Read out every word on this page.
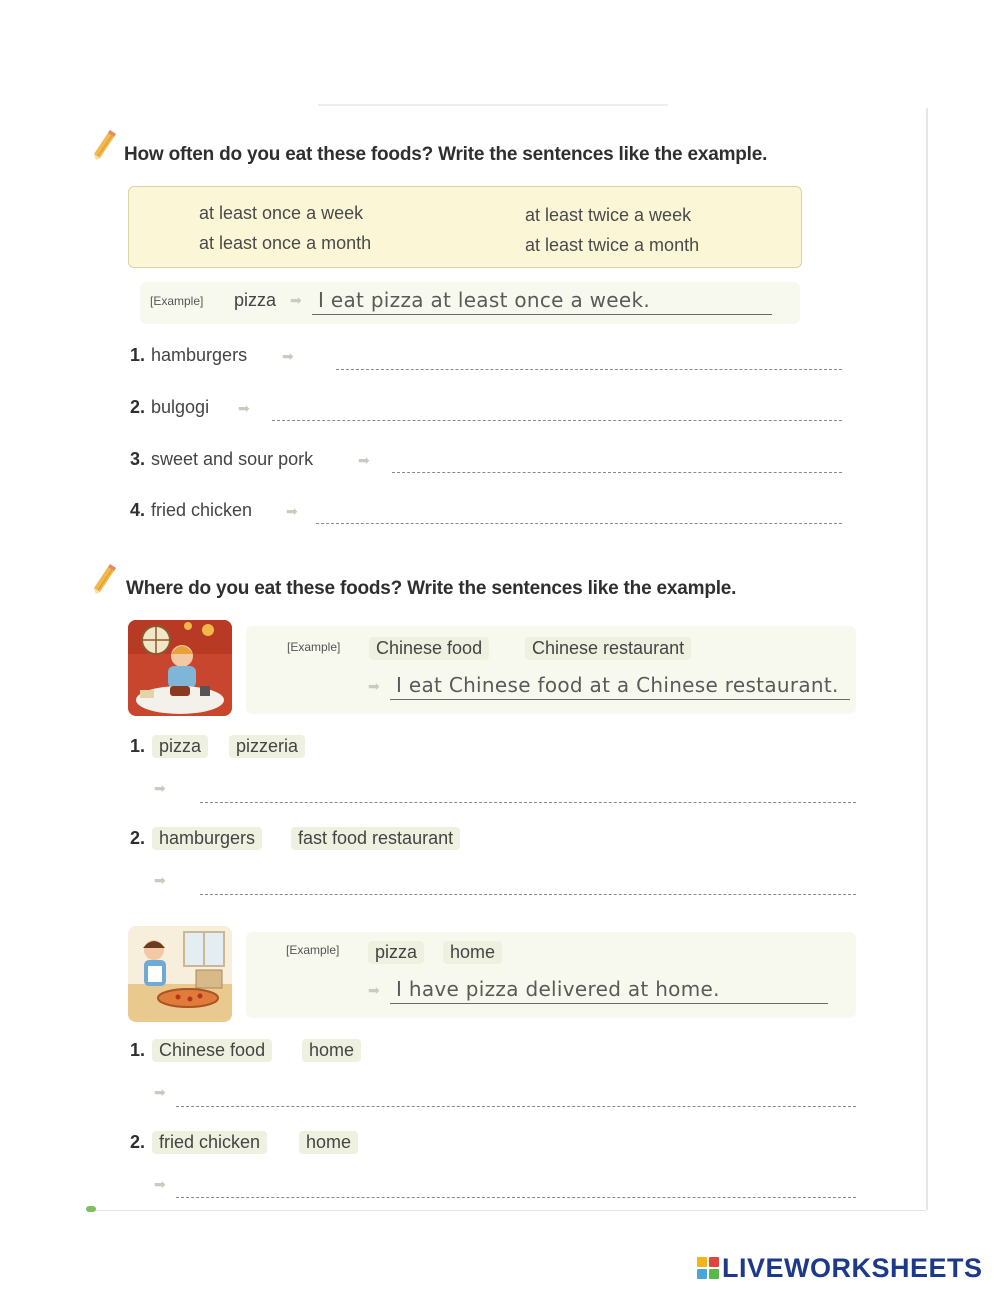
How often do you eat these foods? Write the sentences like the example.
at least once a week	at least twice a week
at least once a month	at least twice a month
[Example] pizza ➡ I eat pizza at least once a week.
1. hamburgers ➡
2. bulgogi ➡
3. sweet and sour pork	➡
4. fried chicken ➡
Where do you eat these foods? Write the sentences like the example.
[Example]	Chinese food	Chinese restaurant
➡ I eat Chinese food at a Chinese restaurant.
1. pizza	pizzeria
➡
2. hamburgers	fast food restaurant
➡
[Example]	pizza	home
➡ I have pizza delivered at home.
1. Chinese food	home
➡
2. fried chicken	home
➡
LIVEWORKSHEETS
